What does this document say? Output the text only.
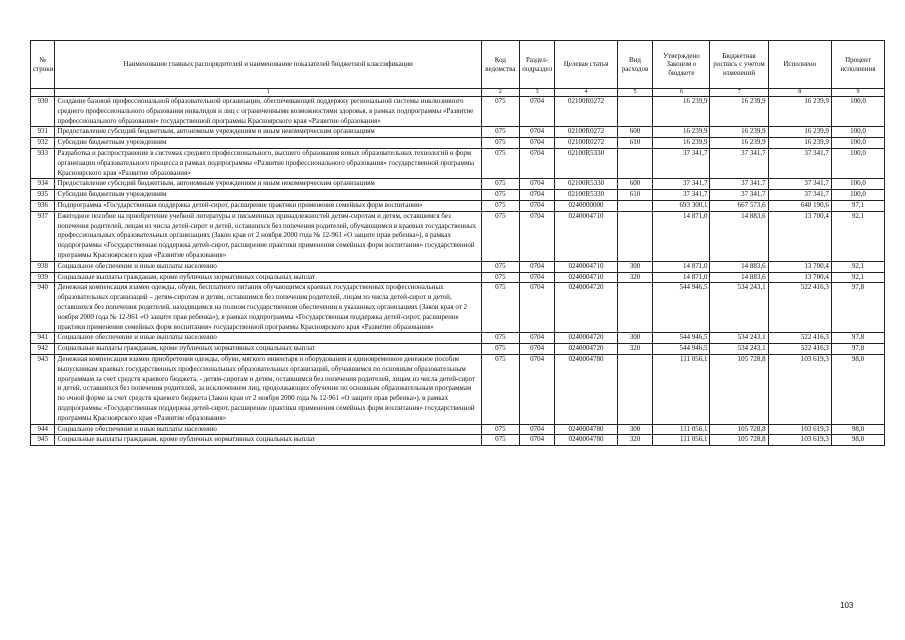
№ строки	Наименование главных распорядителей и наименование показателей бюджетной классификации	Код ведомства	Раздел-подраздел	Целевая статья	Вид расходов	Утверждено Законом о бюджете	Бюджетная роспись с учетом изменений	Исполнено	Процент исполнения
	1	2	3	4	5	6	7	8	9
930	Создание базовой профессиональной образовательной организации, обеспечивающей поддержку региональной системы инклюзивного среднего профессионального образования инвалидов и лиц с ограниченными возможностями здоровья, в рамках подпрограммы «Развитие профессионального образования» государственной программы Красноярского края «Развитие образования»	075	0704	02100R0272		16 239,9	16 239,9	16 239,9	100,0
931	Предоставление субсидий бюджетным, автономным учреждениям и иным некоммерческим организациям	075	0704	02100R0272	600	16 239,9	16 239,9	16 239,9	100,0
932	Субсидии бюджетным учреждениям	075	0704	02100R0272	610	16 239,9	16 239,9	16 239,9	100,0
933	Разработка и распространение в системах среднего профессионального, высшего образования новых образовательных технологий и форм организации образовательного процесса в рамках подпрограммы «Развитие профессионального образования» государственной программы Красноярского края «Развитие образования»	075	0704	02100R5330		37 341,7	37 341,7	37 341,7	100,0
934	Предоставление субсидий бюджетным, автономным учреждениям и иным некоммерческим организациям	075	0704	02100R5330	600	37 341,7	37 341,7	37 341,7	100,0
935	Субсидии бюджетным учреждениям	075	0704	02100R5330	610	37 341,7	37 341,7	37 341,7	100,0
936	Подпрограмма «Государственная поддержка детей-сирот, расширение практики применения семейных форм воспитания»	075	0704	0240000000		693 300,1	667 573,6	648 190,6	97,1
937	Ежегодное пособие на приобретение учебной литературы и письменных принадлежностей детям-сиротам и детям, оставшимся без попечения родителей, лицам из числа детей-сирот и детей, оставшихся без попечения родителей, обучающимся в краевых государственных профессиональных образовательных организациях (Закон края от 2 ноября 2000 года № 12-961 «О защите прав ребенка»), в рамках подпрограммы «Государственная поддержка детей-сирот, расширение практики применения семейных форм воспитания» государственной программы Красноярского края «Развитие образования»	075	0704	0240004710		14 871,0	14 883,6	13 700,4	92,1
938	Социальное обеспечение и иные выплаты населению	075	0704	0240004710	300	14 871,0	14 883,6	13 700,4	92,1
939	Социальные выплаты гражданам, кроме публичных нормативных социальных выплат	075	0704	0240004710	320	14 871,0	14 883,6	13 700,4	92,1
940	Денежная компенсация взамен одежды, обуви, бесплатного питания обучающимся краевых государственных профессиональных образовательных организаций – детям-сиротам и детям, оставшимся без попечения родителей, лицам из числа детей-сирот и детей, оставшихся без попечения родителей, находящимся на полном государственном обеспечении в указанных организациях (Закон края от 2 ноября 2000 года № 12-961 «О защите прав ребенка»), в рамках подпрограммы «Государственная поддержка детей-сирот, расширение практики применения семейных форм воспитания» государственной программы Красноярского края «Развитие образования»	075	0704	0240004720		544 946,5	534 243,1	522 416,3	97,8
941	Социальное обеспечение и иные выплаты населению	075	0704	0240004720	300	544 946,5	534 243,1	522 416,3	97,8
942	Социальные выплаты гражданам, кроме публичных нормативных социальных выплат	075	0704	0240004720	320	544 946,5	534 243,1	522 416,3	97,8
943	Денежная компенсация взамен приобретения одежды, обуви, мягкого инвентаря и оборудования и единовременное денежное пособие выпускникам краевых государственных профессиональных образовательных организаций, обучавшимся по основным образовательным программам за счет средств краевого бюджета, - детям-сиротам и детям, оставшимся без попечения родителей, лицам из числа детей-сирот и детей, оставшихся без попечения родителей, за исключением лиц, продолжающих обучение по основным образовательным программам по очной форме за счет средств краевого бюджета (Закон края от 2 ноября 2000 года № 12-961 «О защите прав ребенка»), в рамках подпрограммы «Государственная поддержка детей-сирот, расширение практики применения семейных форм воспитания» государственной программы Красноярского края «Развитие образования»	075	0704	0240004780		111 056,1	105 728,8	103 619,3	98,0
944	Социальное обеспечение и иные выплаты населению	075	0704	0240004780	300	111 056,1	105 728,8	103 619,3	98,0
945	Социальные выплаты гражданам, кроме публичных нормативных социальных выплат	075	0704	0240004780	320	111 056,1	105 728,8	103 619,3	98,0
103
